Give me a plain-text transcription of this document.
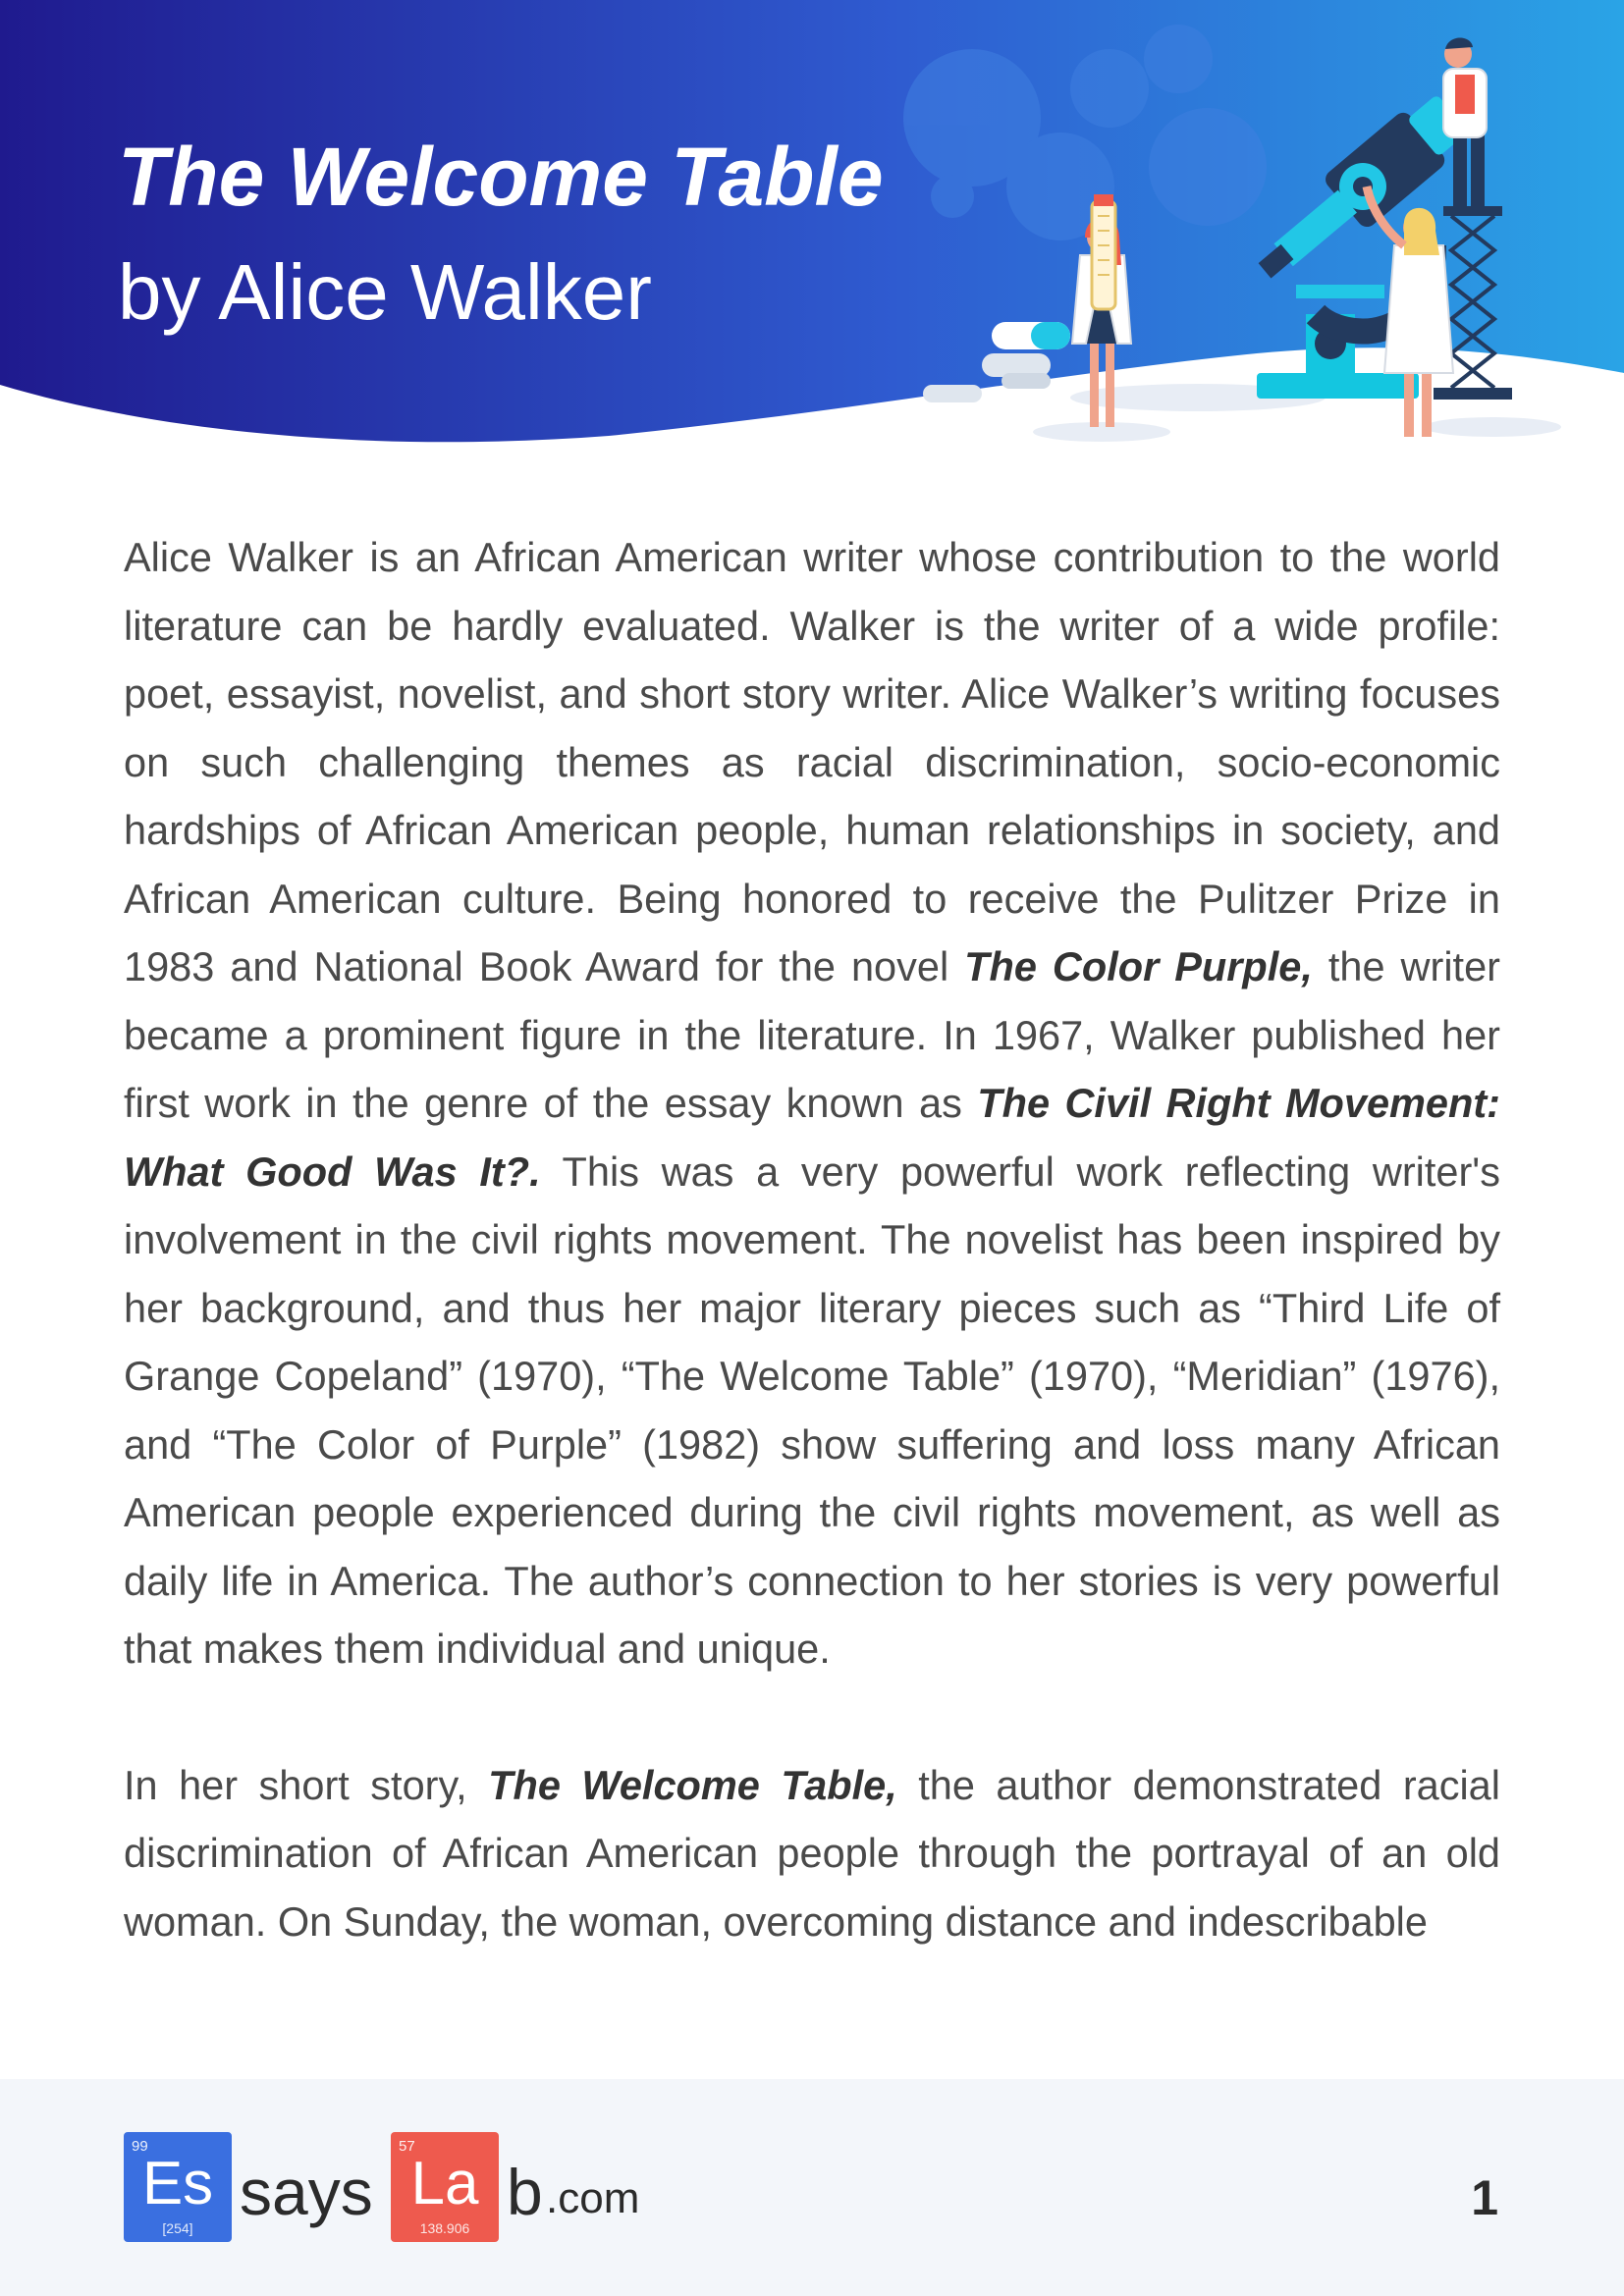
The Welcome Table
by Alice Walker

Alice Walker is an African American writer whose contribution to the world literature can be hardly evaluated. Walker is the writer of a wide profile: poet, essayist, novelist, and short story writer. Alice Walker’s writing focuses on such challenging themes as racial discrimination, socio-economic hardships of African American people, human relationships in society, and African American culture. Being honored to receive the Pulitzer Prize in 1983 and National Book Award for the novel The Color Purple, the writer became a prominent figure in the literature. In 1967, Walker published her first work in the genre of the essay known as The Civil Right Movement: What Good Was It?. This was a very powerful work reflecting writer's involvement in the civil rights movement. The novelist has been inspired by her background, and thus her major literary pieces such as “Third Life of Grange Copeland” (1970), “The Welcome Table” (1970), “Meridian” (1976), and “The Color of Purple” (1982) show suffering and loss many African American people experienced during the civil rights movement, as well as daily life in America. The author’s connection to her stories is very powerful that makes them individual and unique.

In her short story, The Welcome Table, the author demonstrated racial discrimination of African American people through the portrayal of an old woman. On Sunday, the woman, overcoming distance and indescribable

99
Es
[254] says
57
La
138.906 b .com	1
